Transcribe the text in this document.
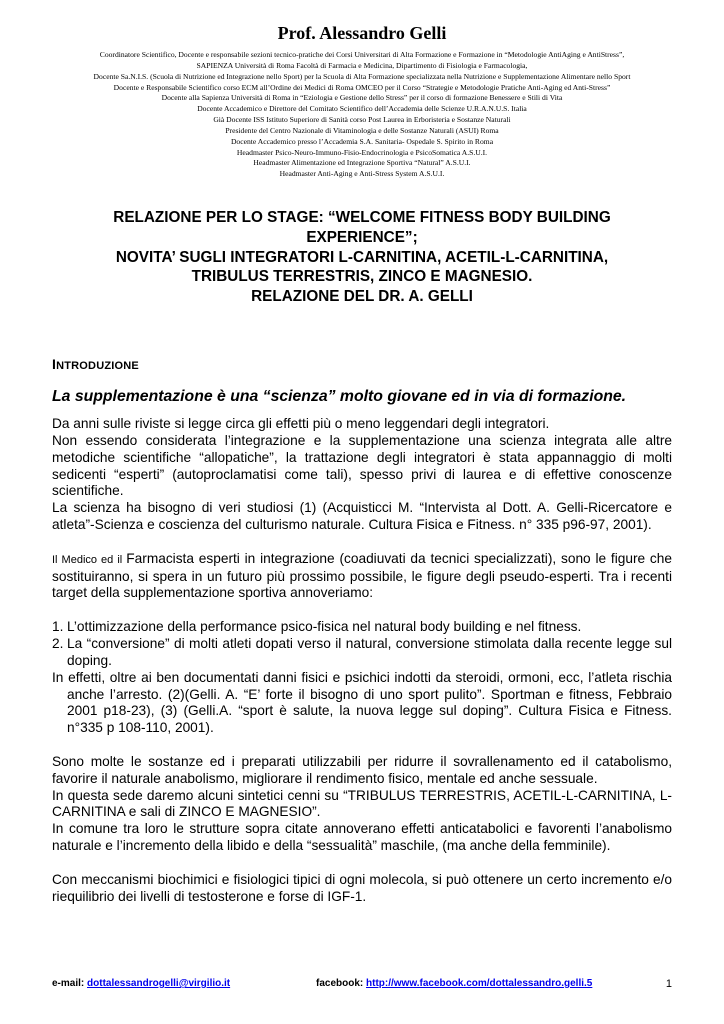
Prof. Alessandro Gelli
Coordinatore Scientifico, Docente e responsabile sezioni tecnico-pratiche dei Corsi Universitari di Alta Formazione e Formazione in “Metodologie AntiAging e AntiStress”,
SAPIENZA Università di Roma Facoltà di Farmacia e Medicina, Dipartimento di Fisiologia e Farmacologia,
Docente Sa.N.I.S. (Scuola di Nutrizione ed Integrazione nello Sport) per la Scuola di Alta Formazione specializzata nella Nutrizione e Supplementazione Alimentare nello Sport
Docente e Responsabile Scientifico corso ECM all’Ordine dei Medici di Roma OMCEO per il Corso “Strategie e Metodologie Pratiche Anti-Aging ed Anti-Stress”
Docente alla Sapienza Università di Roma in “Eziologia e Gestione dello Stress” per il corso di formazione Benessere e Stili di Vita
Docente Accademico e Direttore del Comitato Scientifico dell’Accademia delle Scienze U.R.A.N.U.S. Italia
Già Docente ISS Istituto Superiore di Sanità corso Post Laurea in Erboristeria e Sostanze Naturali
Presidente del Centro Nazionale di Vitaminologia e delle Sostanze Naturali (ASUI) Roma
Docente Accademico presso l’Accademia S.A. Sanitaria- Ospedale S. Spirito in Roma
Headmaster Psico-Neuro-Immuno-Fisio-Endocrinologia e PsicoSomatica A.S.U.I.
Headmaster Alimentazione ed Integrazione Sportiva “Natural” A.S.U.I.
Headmaster Anti-Aging e Anti-Stress System A.S.U.I.
RELAZIONE PER LO STAGE: “WELCOME FITNESS BODY BUILDING
EXPERIENCE”;
NOVITA’ SUGLI INTEGRATORI L-CARNITINA, ACETIL-L-CARNITINA,
TRIBULUS TERRESTRIS, ZINCO E MAGNESIO.
RELAZIONE DEL DR. A. GELLI
INTRODUZIONE
La supplementazione è una “scienza” molto giovane ed in via di formazione.

Da anni sulle riviste si legge circa gli effetti più o meno leggendari degli integratori.

Non essendo considerata l’integrazione e la supplementazione una scienza integrata alle altre metodiche scientifiche “allopatiche”, la trattazione degli integratori è stata appannaggio di molti sedicenti “esperti” (autoproclamatisi come tali), spesso privi di laurea e di effettive conoscenze scientifiche.

La scienza ha bisogno di veri studiosi (1) (Acquisticci M. “Intervista al Dott. A. Gelli-Ricercatore e atleta”-Scienza e coscienza del culturismo naturale. Cultura Fisica e Fitness. n° 335 p96-97, 2001).

Il Medico ed il Farmacista esperti in integrazione (coadiuvati da tecnici specializzati), sono le figure che sostituiranno, si spera in un futuro più prossimo possibile, le figure degli pseudo-esperti. Tra i recenti target della supplementazione sportiva annoveriamo:

1. L’ottimizzazione della performance psico-fisica nel natural body building e nel fitness.
2. La “conversione” di molti atleti dopati verso il natural, conversione stimolata dalla recente legge sul doping.

In effetti, oltre ai ben documentati danni fisici e psichici indotti da steroidi, ormoni, ecc, l’atleta rischia anche l’arresto. (2)(Gelli. A. “E’ forte il bisogno di uno sport pulito”. Sportman e fitness, Febbraio 2001 p18-23), (3) (Gelli.A. “sport è salute, la nuova legge sul doping”. Cultura Fisica e Fitness. n°335 p 108-110, 2001).

Sono molte le sostanze ed i preparati utilizzabili per ridurre il sovrallenamento ed il catabolismo, favorire il naturale anabolismo, migliorare il rendimento fisico, mentale ed anche sessuale.

In questa sede daremo alcuni sintetici cenni su “TRIBULUS TERRESTRIS, ACETIL-L-CARNITINA, L-CARNITINA e sali di ZINCO E MAGNESIO”.

In comune tra loro le strutture sopra citate annoverano effetti anticatabolici e favorenti l’anabolismo naturale e l’incremento della libido e della “sessualità” maschile, (ma anche della femminile).

Con meccanismi biochimici e fisiologici tipici di ogni molecola, si può ottenere un certo incremento e/o riequilibrio dei livelli di testosterone e forse di IGF-1.

e-mail: dottalessandrogelli@virgilio.it	facebook: http://www.facebook.com/dottalessandro.gelli.5	1
